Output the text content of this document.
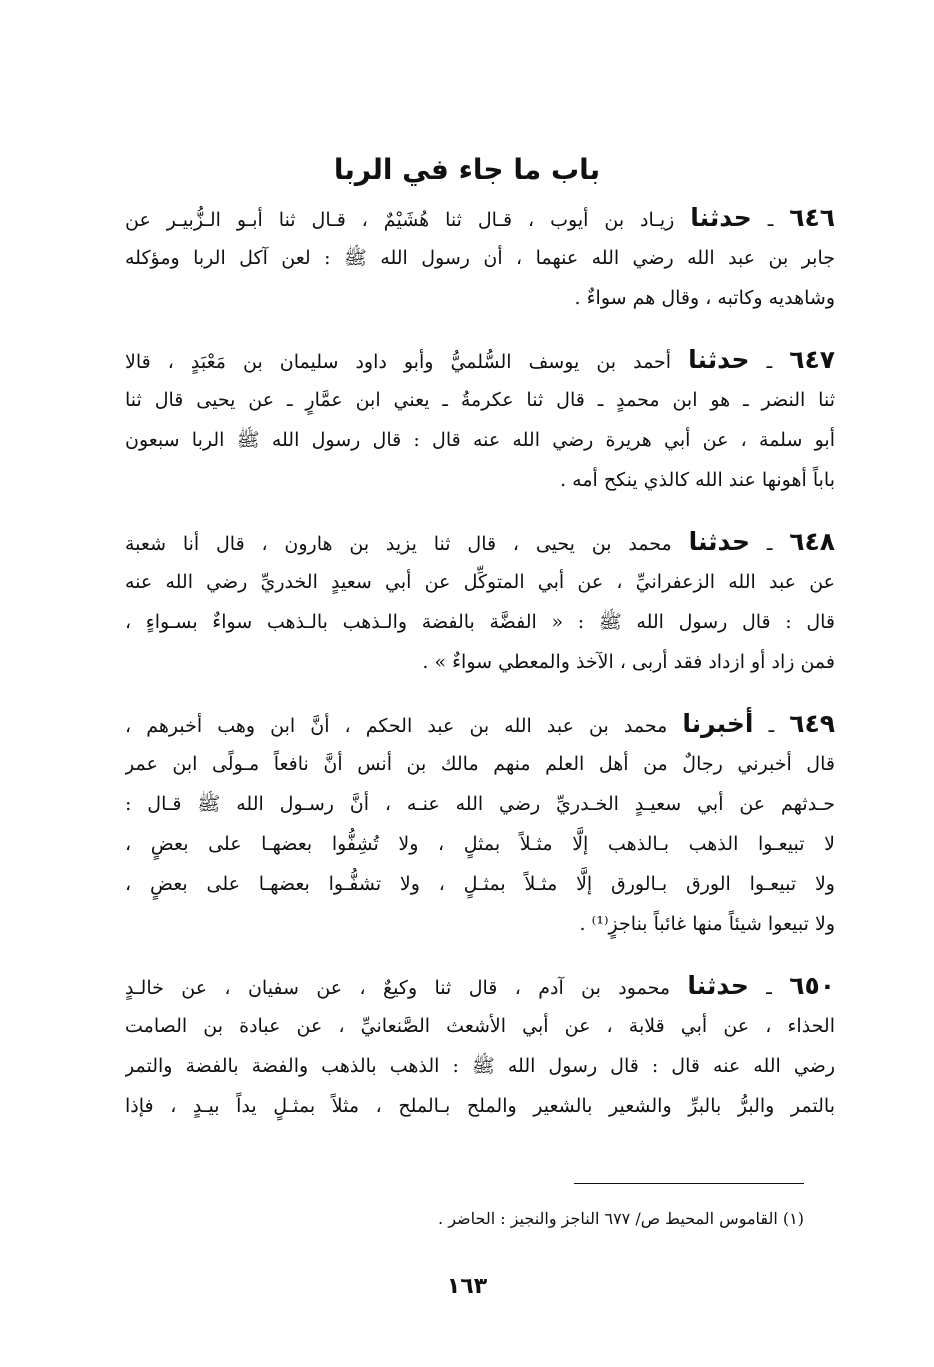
باب ما جاء في الربا
٦٤٦ ـ حدثنا زيـاد بن أيوب ، قـال ثنا هُشَيْمٌ ، قـال ثنا أبـو الـزُّبيـر عن
جابر بن عبد الله رضي الله عنهما ، أن رسول الله ﷺ : لعن آكل الربا ومؤكله
وشاهديه وكاتبه ، وقال هم سواءٌ .
٦٤٧ ـ حدثنا أحمد بن يوسف السُّلميُّ وأبو داود سليمان بن مَعْبَدٍ ، قالا
ثنا النضر ـ هو ابن محمدٍ ـ قال ثنا عكرمةُ ـ يعني ابن عمَّارٍ ـ عن يحيى قال ثنا
أبو سلمة ، عن أبي هريرة رضي الله عنه قال : قال رسول الله ﷺ الربا سبعون
باباً أهونها عند الله كالذي ينكح أمه .
٦٤٨ ـ حدثنا محمد بن يحيى ، قال ثنا يزيد بن هارون ، قال أنا شعبة
عن عبد الله الزعفرانيِّ ، عن أبي المتوكِّل عن أبي سعيدٍ الخدريِّ رضي الله عنه
قال : قال رسول الله ﷺ : « الفضَّة بالفضة والـذهب بالـذهب سواءٌ بسـواءٍ ،
فمن زاد أو ازداد فقد أربى ، الآخذ والمعطي سواءٌ » .
٦٤٩ ـ أخبرنا محمد بن عبد الله بن عبد الحكم ، أنَّ ابن وهب أخبرهم ،
قال أخبرني رجالٌ من أهل العلم منهم مالك بن أنس أنَّ نافعاً مـولًى ابن عمر
حـدثهم عن أبي سعيـدٍ الخـدريِّ رضي الله عنـه ، أنَّ رسـول الله ﷺ قـال :
لا تبيعـوا الذهب بـالذهب إلَّا مثـلاً بمثلٍ ، ولا تُشِفُّوا بعضهـا على بعضٍ ،
ولا تبيعـوا الورق بـالورق إلَّا مثـلاً بمثـلٍ ، ولا تشفُّـوا بعضهـا على بعضٍ ،
ولا تبيعوا شيئاً منها غائباً بناجزٍ⁽¹⁾ .
٦٥٠ ـ حدثنا محمود بن آدم ، قال ثنا وكيعٌ ، عن سفيان ، عن خالـدٍ
الحذاء ، عن أبي قلابة ، عن أبي الأشعث الصَّنعانيِّ ، عن عبادة بن الصامت
رضي الله عنه قال : قال رسول الله ﷺ : الذهب بالذهب والفضة بالفضة والتمر
بالتمر والبرُّ بالبرِّ والشعير بالشعير والملح بـالملح ، مثلاً بمثـلٍ يداً بيـدٍ ، فإذا
(١) القاموس المحيط ص/ ٦٧٧ الناجز والنجيز : الحاضر .
١٦٣
